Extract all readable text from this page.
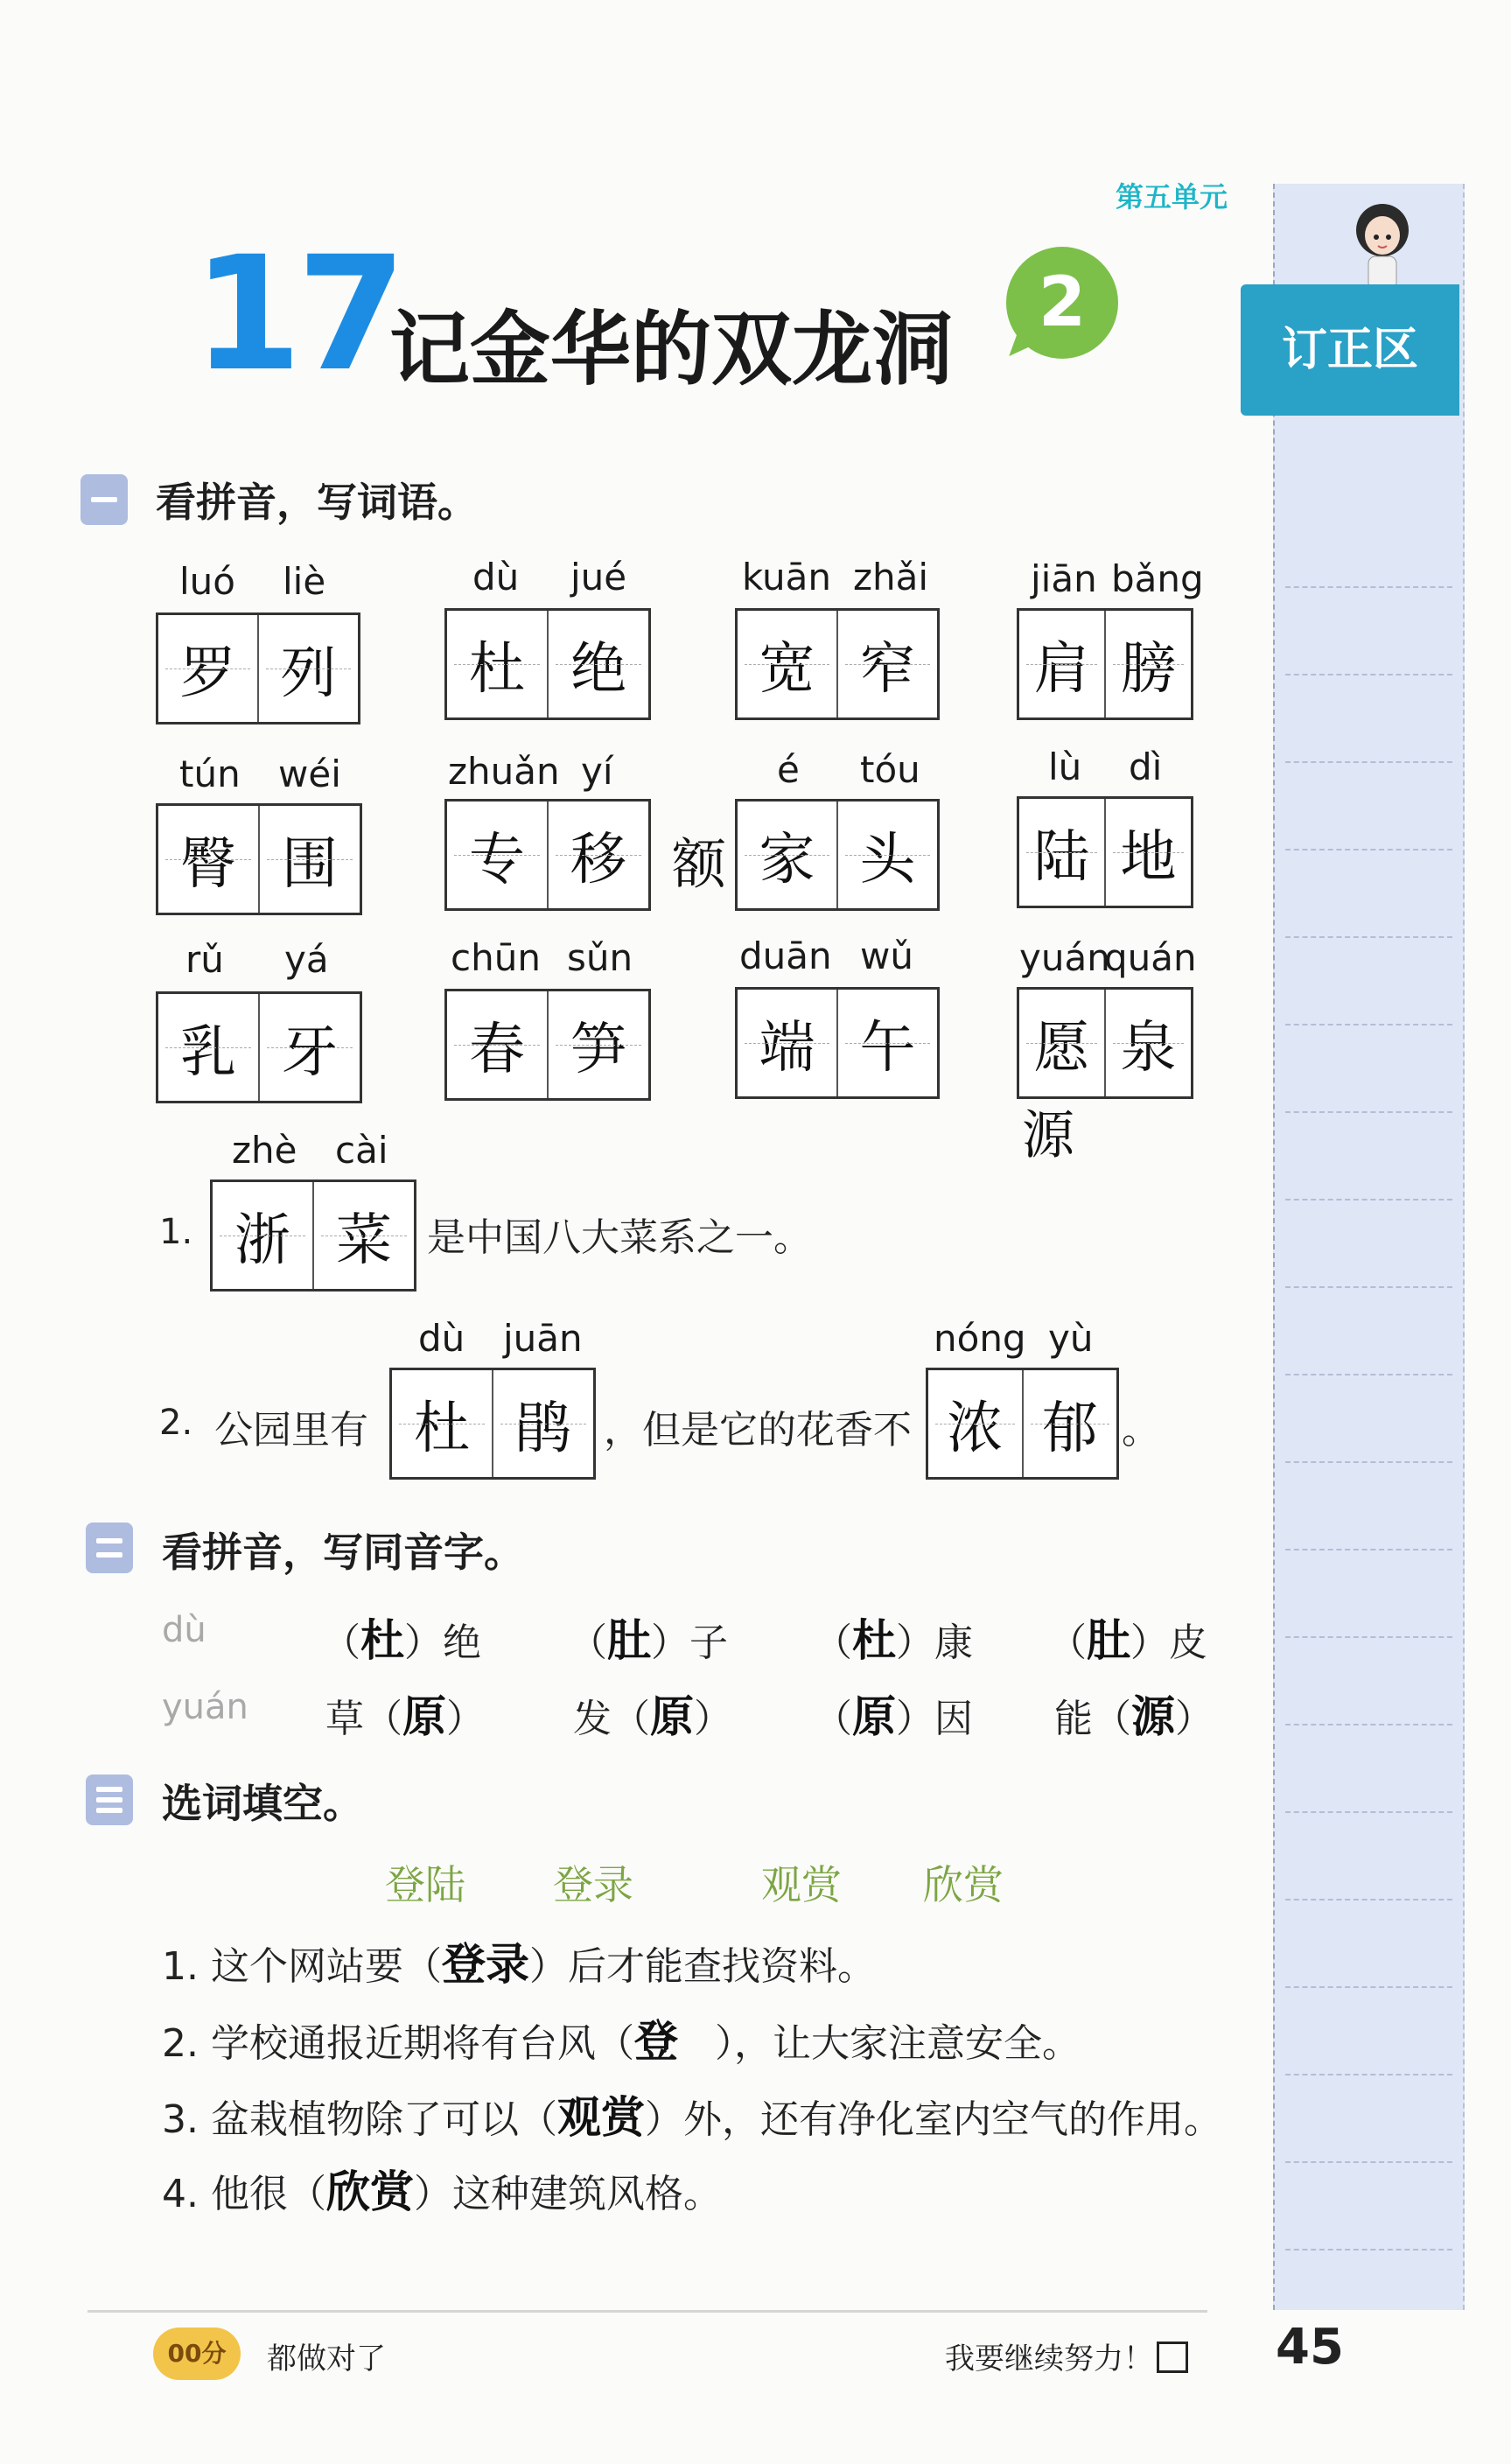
第五单元
17
记金华的双龙洞	2
订正区
看拼音，写词语。
luó liè
罗 列
dù jué
杜 绝
kuān zhǎi
宽 窄
jiān bǎng
肩 膀
tún wéi
臀 围
zhuǎn yí
专 移 额
é tóu
家 头
lù dì
陆 地
rǔ yá
乳 牙
chūn sǔn
春 笋
duān wǔ
端 午
yuán
quán
愿 泉
源
zhè cài
1. 浙 菜 是中国八大菜系之一。
dù juān	nóng yù
2. 公园里有 杜 鹃 ，但是它的花香不 浓 郁 。
看拼音，写同音字。
dù	（杜）绝 （肚）子 （杜）康 （肚）皮
yuán 草（原） 发（原） （原）因 能（源）
选词填空。
登陆 登录	观赏 欣赏
1. 这个网站要（登录）后才能查找资料。
2. 学校通报近期将有台风（登 ），让大家注意安全。
3. 盆栽植物除了可以（观赏）外，还有净化室内空气的作用。
4. 他很（欣赏）这种建筑风格。
00分	都做对了	我要继续努力！	45
